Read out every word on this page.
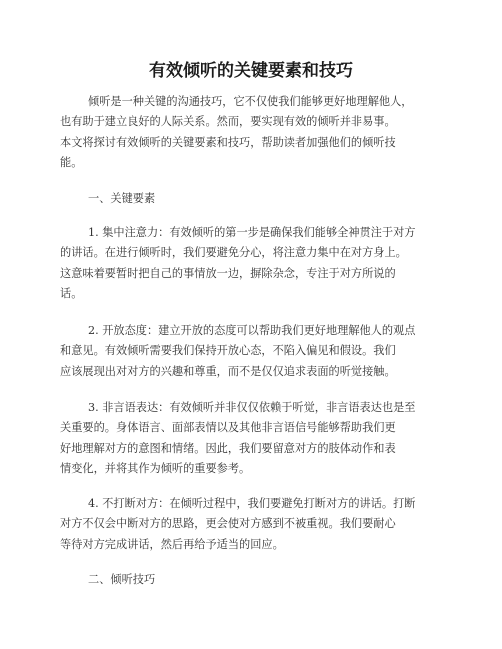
有效倾听的关键要素和技巧
倾听是一种关键的沟通技巧，它不仅使我们能够更好地理解他人，
也有助于建立良好的人际关系。然而，要实现有效的倾听并非易事。
本文将探讨有效倾听的关键要素和技巧，帮助读者加强他们的倾听技
能。
一、关键要素
1. 集中注意力：有效倾听的第一步是确保我们能够全神贯注于对方
的讲话。在进行倾听时，我们要避免分心，将注意力集中在对方身上。
这意味着要暂时把自己的事情放一边，摒除杂念，专注于对方所说的
话。
2. 开放态度：建立开放的态度可以帮助我们更好地理解他人的观点
和意见。有效倾听需要我们保持开放心态，不陷入偏见和假设。我们
应该展现出对对方的兴趣和尊重，而不是仅仅追求表面的听觉接触。
3. 非言语表达：有效倾听并非仅仅依赖于听觉，非言语表达也是至
关重要的。身体语言、面部表情以及其他非言语信号能够帮助我们更
好地理解对方的意图和情绪。因此，我们要留意对方的肢体动作和表
情变化，并将其作为倾听的重要参考。
4. 不打断对方：在倾听过程中，我们要避免打断对方的讲话。打断
对方不仅会中断对方的思路，更会使对方感到不被重视。我们要耐心
等待对方完成讲话，然后再给予适当的回应。
二、倾听技巧
